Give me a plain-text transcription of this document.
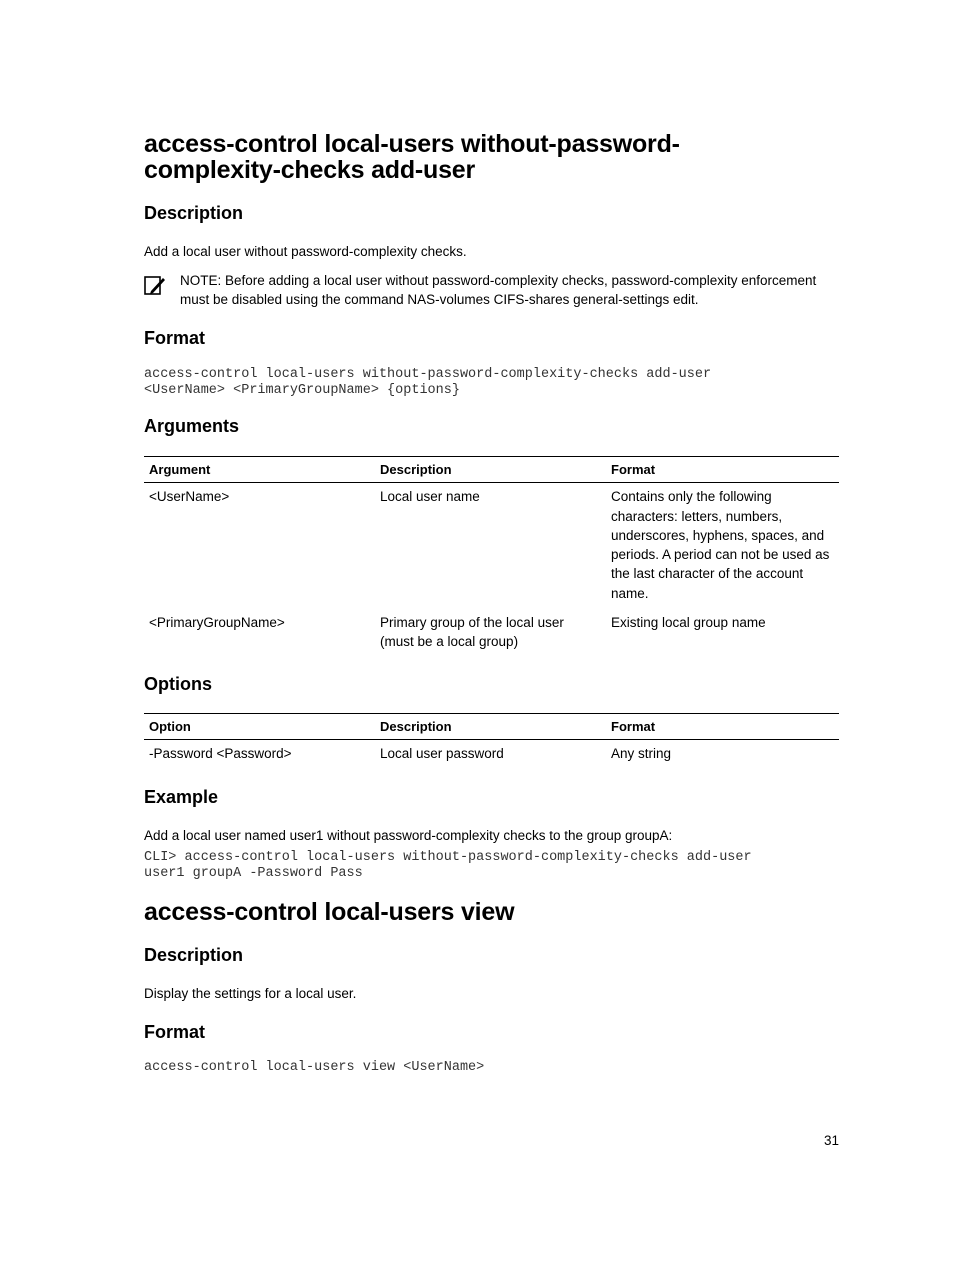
access-control local-users without-password-
complexity-checks add-user
Description
Add a local user without password-complexity checks.
NOTE: Before adding a local user without password-complexity checks, password-complexity enforcement must be disabled using the command NAS-volumes CIFS-shares general-settings edit.
Format
access-control local-users without-password-complexity-checks add-user
<UserName> <PrimaryGroupName> {options}
Arguments
Argument	Description	Format
<UserName>	Local user name	Contains only the following characters: letters, numbers, underscores, hyphens, spaces, and periods. A period can not be used as the last character of the account name.
<PrimaryGroupName>	Primary group of the local user (must be a local group)	Existing local group name
Options
Option	Description	Format
-Password <Password>	Local user password	Any string
Example
Add a local user named user1 without password-complexity checks to the group groupA:
CLI> access-control local-users without-password-complexity-checks add-user
user1 groupA -Password Pass
access-control local-users view
Description
Display the settings for a local user.
Format
access-control local-users view <UserName>
31
